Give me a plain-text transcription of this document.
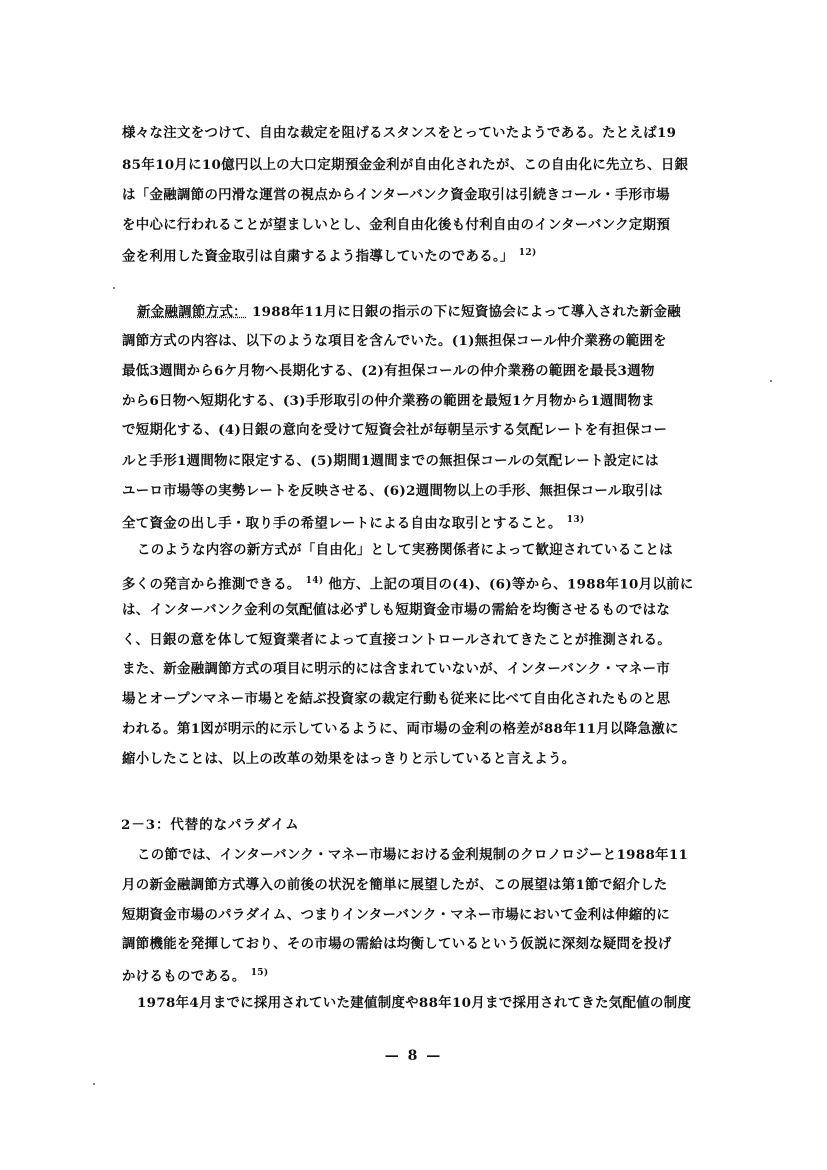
様々な注文をつけて、自由な裁定を阻げるスタンスをとっていたようである。たとえば19
85年10月に10億円以上の大口定期預金金利が自由化されたが、この自由化に先立ち、日銀
は「金融調節の円滑な運営の視点からインターバンク資金取引は引続きコール・手形市場
を中心に行われることが望ましいとし、金利自由化後も付利自由のインターバンク定期預
金を利用した資金取引は自粛するよう指導していたのである。」 $^{12)}$
新金融調節方式： 1988年11月に日銀の指示の下に短資協会によって導入された新金融
調節方式の内容は、以下のような項目を含んでいた。(1)無担保コール仲介業務の範囲を
最低3週間から6ケ月物へ長期化する、(2)有担保コールの仲介業務の範囲を最長3週物
から6日物へ短期化する、(3)手形取引の仲介業務の範囲を最短1ケ月物から1週間物ま
で短期化する、(4)日銀の意向を受けて短資会社が毎朝呈示する気配レートを有担保コー
ルと手形1週間物に限定する、(5)期間1週間までの無担保コールの気配レート設定には
ユーロ市場等の実勢レートを反映させる、(6)2週間物以上の手形、無担保コール取引は
全て資金の出し手・取り手の希望レートによる自由な取引とすること。 $^{13)}$
このような内容の新方式が「自由化」として実務関係者によって歓迎されていることは
多くの発言から推測できる。 $^{14)}$ 他方、上記の項目の(4)、(6)等から、1988年10月以前に
は、インターバンク金利の気配値は必ずしも短期資金市場の需給を均衡させるものではな
く、日銀の意を体して短資業者によって直接コントロールされてきたことが推測される。
また、新金融調節方式の項目に明示的には含まれていないが、インターバンク・マネー市
場とオープンマネー市場とを結ぶ投資家の裁定行動も従来に比べて自由化されたものと思
われる。第1図が明示的に示しているように、両市場の金利の格差が88年11月以降急激に
縮小したことは、以上の改革の効果をはっきりと示していると言えよう。
2－3：代替的なパラダイム
この節では、インターバンク・マネー市場における金利規制のクロノロジーと1988年11
月の新金融調節方式導入の前後の状況を簡単に展望したが、この展望は第1節で紹介した
短期資金市場のパラダイム、つまりインターバンク・マネー市場において金利は伸縮的に
調節機能を発揮しており、その市場の需給は均衡しているという仮説に深刻な疑問を投げ
かけるものである。 $^{15)}$
1978年4月までに採用されていた建値制度や88年10月まで採用されてきた気配値の制度
— 8 —
